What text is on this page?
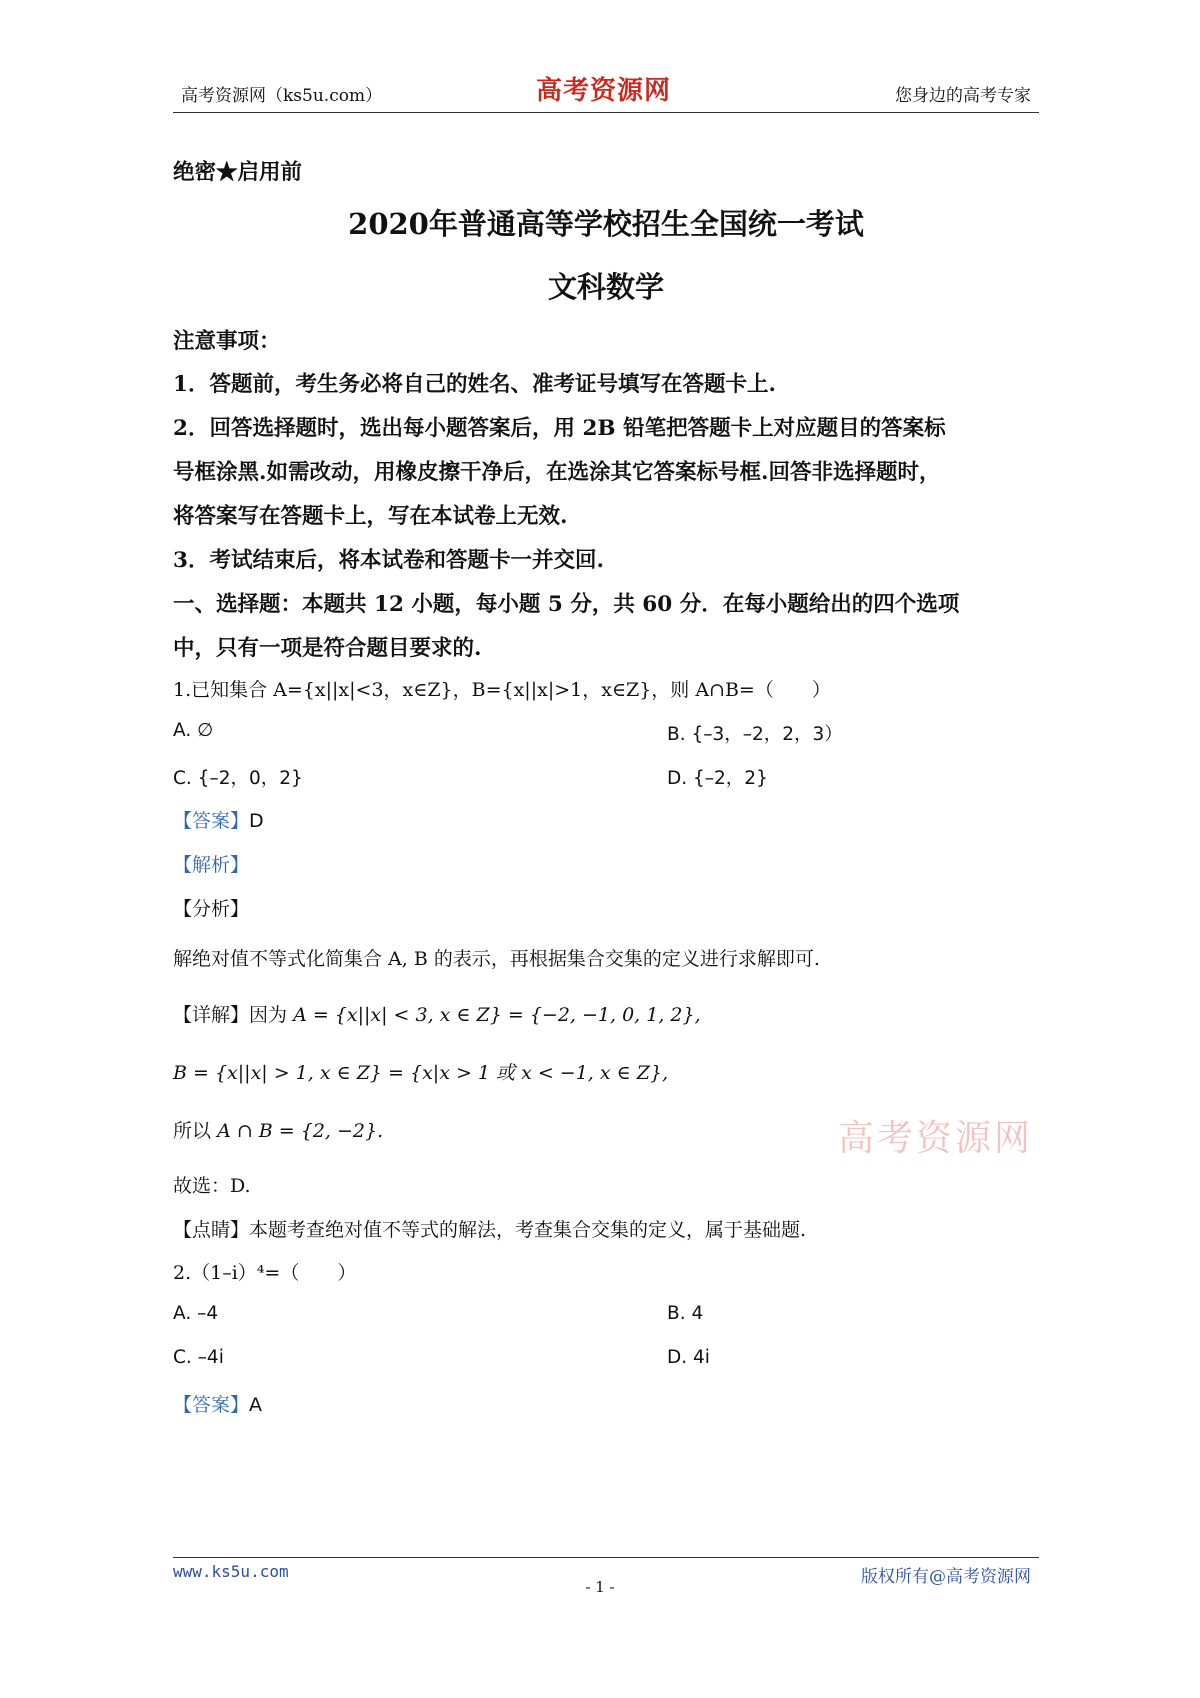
高考资源网（ks5u.com）	您身边的高考专家
高考资源网
绝密★启用前
2020年普通高等学校招生全国统一考试
文科数学
注意事项：
1．答题前，考生务必将自己的姓名、准考证号填写在答题卡上.
2．回答选择题时，选出每小题答案后，用 2B 铅笔把答题卡上对应题目的答案标
号框涂黑.如需改动，用橡皮擦干净后，在选涂其它答案标号框.回答非选择题时，
将答案写在答题卡上，写在本试卷上无效.
3．考试结束后，将本试卷和答题卡一并交回.
一、选择题：本题共 12 小题，每小题 5 分，共 60 分．在每小题给出的四个选项
中，只有一项是符合题目要求的.
1.已知集合 A={x||x|<3，x∈Z}，B={x||x|>1，x∈Z}，则 A∩B=（　　）
A. ∅	B. {–3，–2，2，3）
C. {–2，0，2}	D. {–2，2}
【答案】D
【解析】
【分析】
解绝对值不等式化简集合 A, B 的表示，再根据集合交集的定义进行求解即可.
【详解】因为 A = {x||x| < 3, x ∈ Z} = {−2, −1, 0, 1, 2},
B = {x||x| > 1, x ∈ Z} = {x|x > 1 或 x < −1, x ∈ Z},
所以 A ∩ B = {2, −2}.
故选：D.
【点睛】本题考查绝对值不等式的解法，考查集合交集的定义，属于基础题.
2.（1–i）⁴=（　　）
A. –4	B. 4
C. –4i	D. 4i
【答案】A
高考资源网
www.ks5u.com	版权所有@高考资源网
- 1 -
